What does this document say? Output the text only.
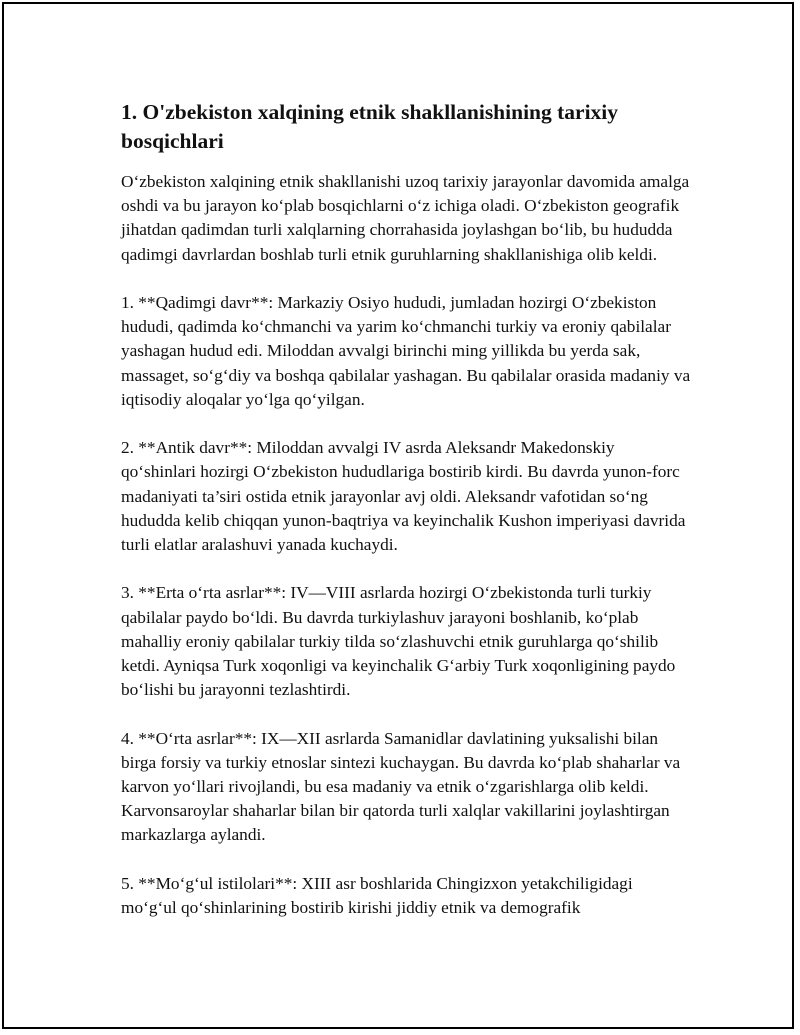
1. O'zbekiston xalqining etnik shakllanishining tarixiy bosqichlari

O‘zbekiston xalqining etnik shakllanishi uzoq tarixiy jarayonlar davomida amalga oshdi va bu jarayon ko‘plab bosqichlarni o‘z ichiga oladi. O‘zbekiston geografik jihatdan qadimdan turli xalqlarning chorrahasida joylashgan bo‘lib, bu hududda qadimgi davrlardan boshlab turli etnik guruhlarning shakllanishiga olib keldi.

1. **Qadimgi davr**: Markaziy Osiyo hududi, jumladan hozirgi O‘zbekiston hududi, qadimda ko‘chmanchi va yarim ko‘chmanchi turkiy va eroniy qabilalar yashagan hudud edi. Miloddan avvalgi birinchi ming yillikda bu yerda sak, massaget, so‘g‘diy va boshqa qabilalar yashagan. Bu qabilalar orasida madaniy va iqtisodiy aloqalar yo‘lga qo‘yilgan.

2. **Antik davr**: Miloddan avvalgi IV asrda Aleksandr Makedonskiy qo‘shinlari hozirgi O‘zbekiston hududlariga bostirib kirdi. Bu davrda yunon-forc madaniyati ta’siri ostida etnik jarayonlar avj oldi. Aleksandr vafotidan so‘ng hududda kelib chiqqan yunon-baqtriya va keyinchalik Kushon imperiyasi davrida turli elatlar aralashuvi yanada kuchaydi.

3. **Erta o‘rta asrlar**: IV—VIII asrlarda hozirgi O‘zbekistonda turli turkiy qabilalar paydo bo‘ldi. Bu davrda turkiylashuv jarayoni boshlanib, ko‘plab mahalliy eroniy qabilalar turkiy tilda so‘zlashuvchi etnik guruhlarga qo‘shilib ketdi. Ayniqsa Turk xoqonligi va keyinchalik G‘arbiy Turk xoqonligining paydo bo‘lishi bu jarayonni tezlashtirdi.

4. **O‘rta asrlar**: IX—XII asrlarda Samanidlar davlatining yuksalishi bilan birga forsiy va turkiy etnoslar sintezi kuchaygan. Bu davrda ko‘plab shaharlar va karvon yo‘llari rivojlandi, bu esa madaniy va etnik o‘zgarishlarga olib keldi. Karvonsaroylar shaharlar bilan bir qatorda turli xalqlar vakillarini joylashtirgan markazlarga aylandi.

5. **Mo‘g‘ul istilolari**: XIII asr boshlarida Chingizxon yetakchiligidagi mo‘g‘ul qo‘shinlarining bostirib kirishi jiddiy etnik va demografik
